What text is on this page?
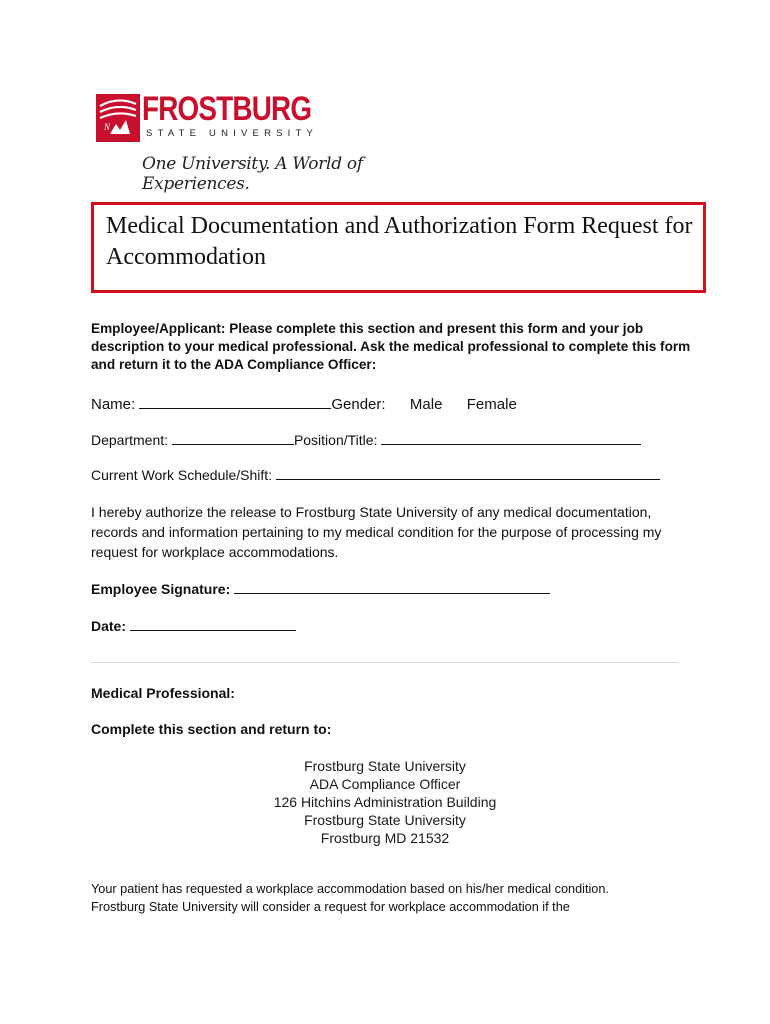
N FROSTBURG
STATE UNIVERSITY
One University. A World of Experiences.
Medical Documentation and Authorization Form Request for Accommodation
Employee/Applicant: Please complete this section and present this form and your job description to your medical professional. Ask the medical professional to complete this form and return it to the ADA Compliance Officer:
Name:	Gender: Male Female
Department:	Position/Title:
Current Work Schedule/Shift:
I hereby authorize the release to Frostburg State University of any medical documentation, records and information pertaining to my medical condition for the purpose of processing my request for workplace accommodations.
Employee Signature:
Date:
Medical Professional:
Complete this section and return to:
Frostburg State University
ADA Compliance Officer
126 Hitchins Administration Building
Frostburg State University
Frostburg MD 21532
Your patient has requested a workplace accommodation based on his/her medical condition.
Frostburg State University will consider a request for workplace accommodation if the
